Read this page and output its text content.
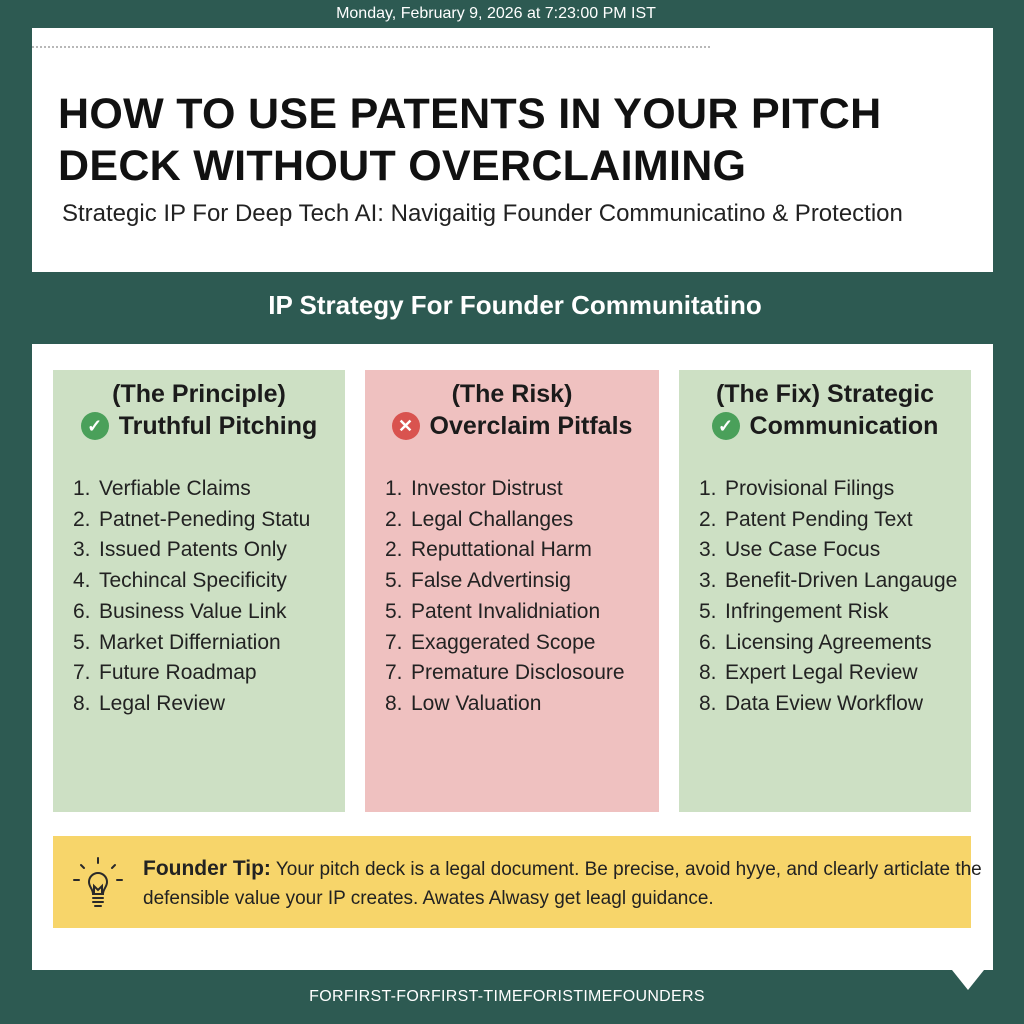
Monday, February 9, 2026 at 7:23:00 PM IST
HOW TO USE PATENTS IN YOUR PITCH DECK WITHOUT OVERCLAIMING
Strategic IP For Deep Tech AI: Navigaitig Founder Communicatino & Protection
IP Strategy For Founder Communitatino
(The Principle)
✓ Truthful Pitching
1. Verfiable Claims
2. Patnet-Peneding Statu
3. Issued Patents Only
4. Techincal Specificity
6. Business Value Link
5. Market Differniation
7. Future Roadmap
8. Legal Review
(The Risk)
✕ Overclaim Pitfals
1. Investor Distrust
2. Legal Challanges
2. Reputtational Harm
5. False Advertinsig
5. Patent Invalidniation
7. Exaggerated Scope
7. Premature Disclosoure
8. Low Valuation
(The Fix) Strategic
✓ Communication
1. Provisional Filings
2. Patent Pending Text
3. Use Case Focus
3. Benefit-Driven Langauge
5. Infringement Risk
6. Licensing Agreements
8. Expert Legal Review
8. Data Eview Workflow
Founder Tip: Your pitch deck is a legal document. Be precise, avoid hyye, and clearly articlate the defensible value your IP creates. Awates Alwasy get leagl guidance.
FORFIRST-FORFIRST-TIMEFORISTIMEFOUNDERS
